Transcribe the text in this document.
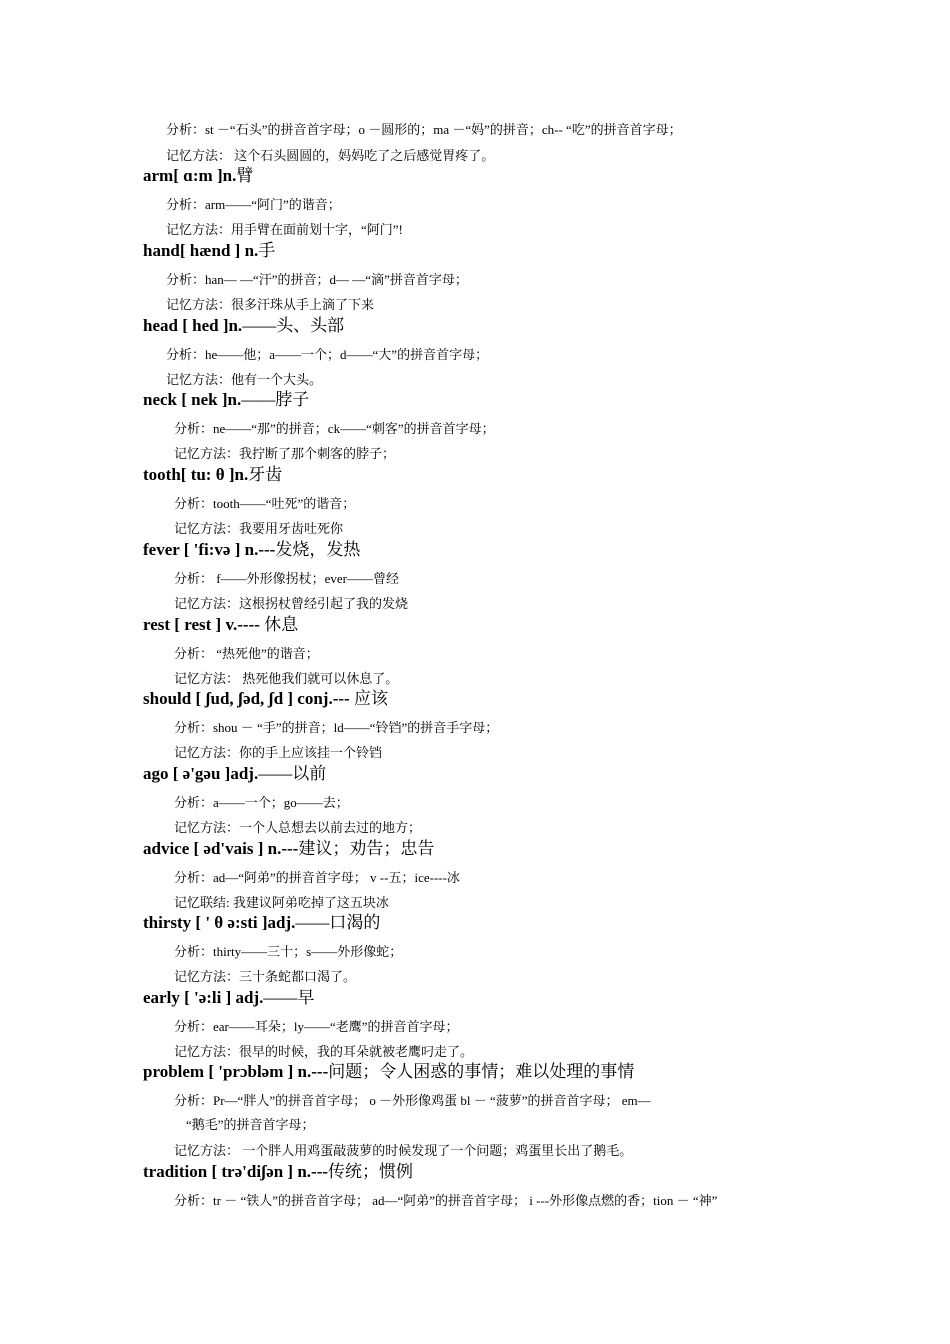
分析：st －“石头”的拼音首字母；o －圆形的；ma －“妈”的拼音；ch-- “吃”的拼音首字母；
记忆方法： 这个石头圆圆的，妈妈吃了之后感觉胃疼了。
arm[ ɑ:m ]n.臂
分析：arm——“阿门”的谐音；
记忆方法：用手臂在面前划十字，“阿门”!
hand[ hænd ] n.手
分析：han— —“汗”的拼音；d— —“滴”拼音首字母；
记忆方法：很多汗珠从手上滴了下来
head [ hed ]n.——头、头部
分析：he——他；a——一个；d——“大”的拼音首字母；
记忆方法：他有一个大头。
neck [ nek ]n.——脖子
分析：ne——“那”的拼音；ck——“刺客”的拼音首字母；
记忆方法：我拧断了那个刺客的脖子；
tooth[ tu: θ ]n.牙齿
分析：tooth——“吐死”的谐音；
记忆方法：我要用牙齿吐死你
fever [ 'fi:və ] n.---发烧，发热
分析： f——外形像拐杖；ever——曾经
记忆方法：这根拐杖曾经引起了我的发烧
rest [ rest ] v.---- 休息
分析： “热死他”的谐音；
记忆方法： 热死他我们就可以休息了。
should [ ʃud, ʃəd, ʃd ] conj.--- 应该
分析：shou － “手”的拼音；ld——“铃铛”的拼音手字母；
记忆方法：你的手上应该挂一个铃铛
ago [ ə'gəu ]adj.——以前
分析：a——一个；go——去；
记忆方法：一个人总想去以前去过的地方；
advice [ əd'vais ] n.---建议；劝告；忠告
分析：ad—“阿弟”的拼音首字母； v --五；ice----冰
记忆联结: 我建议阿弟吃掉了这五块冰
thirsty [ ' θ ə:sti ]adj.——口渴的
分析：thirty——三十；s——外形像蛇；
记忆方法：三十条蛇都口渴了。
early [ 'ə:li ] adj.——早
分析：ear——耳朵；ly——“老鹰”的拼音首字母；
记忆方法：很早的时候，我的耳朵就被老鹰叼走了。
problem [ 'prɔbləm ] n.---问题；令人困惑的事情；难以处理的事情
分析：Pr—“胖人”的拼音首字母； o －外形像鸡蛋 bl － “菠萝”的拼音首字母； em—
“鹅毛”的拼音首字母；
记忆方法： 一个胖人用鸡蛋敲菠萝的时候发现了一个问题；鸡蛋里长出了鹅毛。
tradition [ trə'diʃən ] n.---传统；惯例
分析：tr － “铁人”的拼音首字母； ad—“阿弟”的拼音首字母； i ---外形像点燃的香；tion － “神”
